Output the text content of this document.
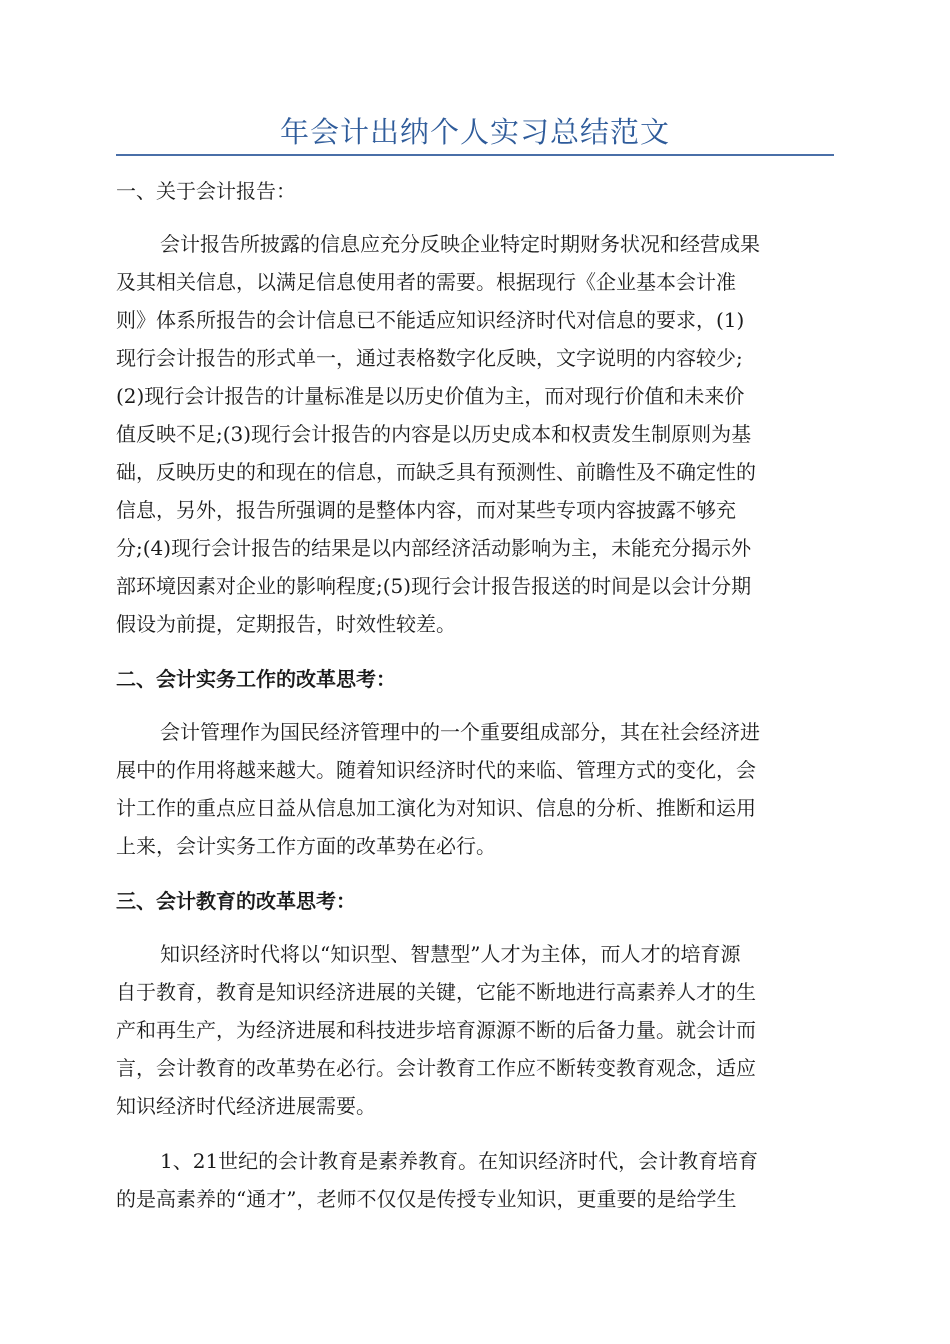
年会计出纳个人实习总结范文

一、关于会计报告：

会计报告所披露的信息应充分反映企业特定时期财务状况和经营成果
及其相关信息，以满足信息使用者的需要。根据现行《企业基本会计准
则》体系所报告的会计信息已不能适应知识经济时代对信息的要求，(1)
现行会计报告的形式单一，通过表格数字化反映，文字说明的内容较少;
(2)现行会计报告的计量标准是以历史价值为主，而对现行价值和未来价
值反映不足;(3)现行会计报告的内容是以历史成本和权责发生制原则为基
础，反映历史的和现在的信息，而缺乏具有预测性、前瞻性及不确定性的
信息，另外，报告所强调的是整体内容，而对某些专项内容披露不够充
分;(4)现行会计报告的结果是以内部经济活动影响为主，未能充分揭示外
部环境因素对企业的影响程度;(5)现行会计报告报送的时间是以会计分期
假设为前提，定期报告，时效性较差。

二、会计实务工作的改革思考：

会计管理作为国民经济管理中的一个重要组成部分，其在社会经济进
展中的作用将越来越大。随着知识经济时代的来临、管理方式的变化，会
计工作的重点应日益从信息加工演化为对知识、信息的分析、推断和运用
上来，会计实务工作方面的改革势在必行。

三、会计教育的改革思考：

知识经济时代将以“知识型、智慧型”人才为主体，而人才的培育源
自于教育，教育是知识经济进展的关键，它能不断地进行高素养人才的生
产和再生产，为经济进展和科技进步培育源源不断的后备力量。就会计而
言，会计教育的改革势在必行。会计教育工作应不断转变教育观念，适应
知识经济时代经济进展需要。
1、21世纪的会计教育是素养教育。在知识经济时代，会计教育培育
的是高素养的“通才”，老师不仅仅是传授专业知识，更重要的是给学生
